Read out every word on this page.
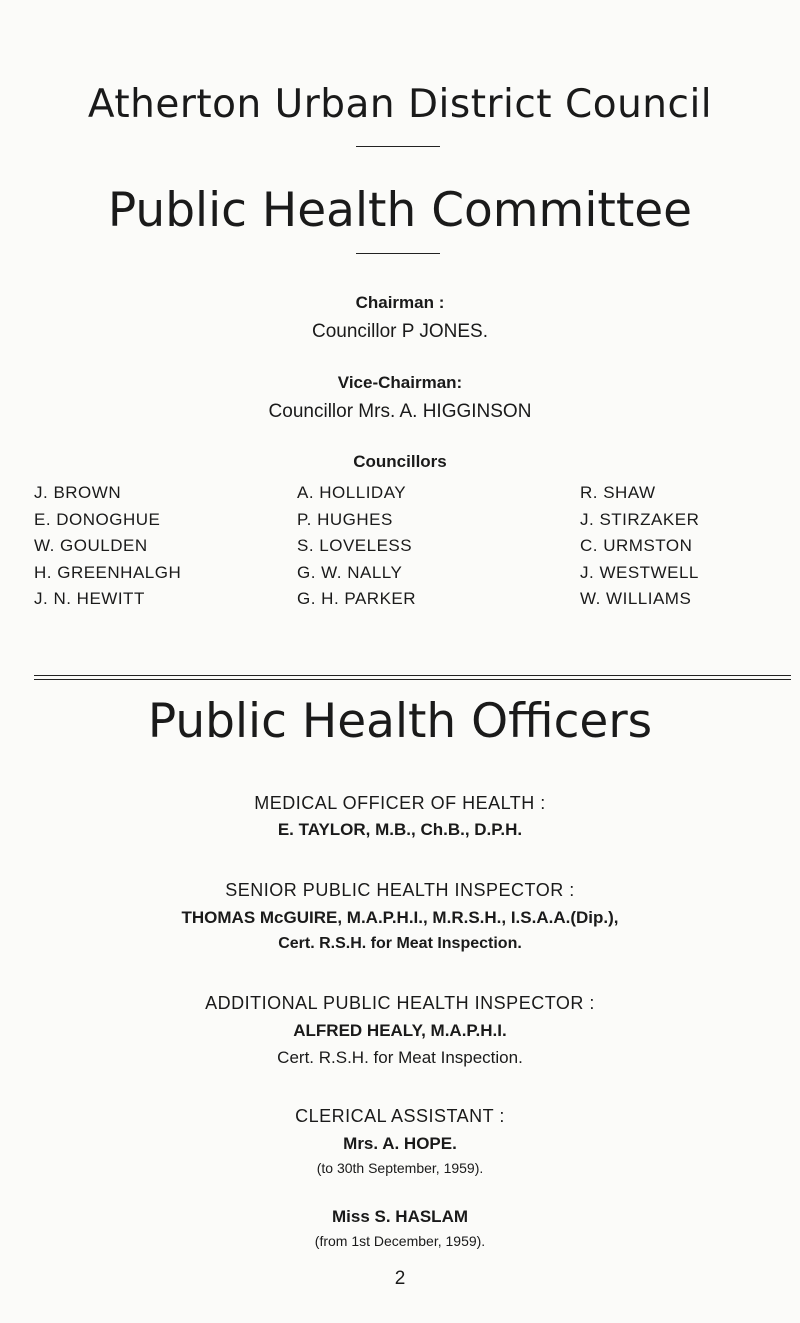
Atherton Urban District Council
Public Health Committee
Chairman :
Councillor P JONES.
Vice-Chairman:
Councillor Mrs. A. HIGGINSON
Councillors
J. BROWN
E. DONOGHUE
W. GOULDEN
H. GREENHALGH
J. N. HEWITT
A. HOLLIDAY
P. HUGHES
S. LOVELESS
G. W. NALLY
G. H. PARKER
R. SHAW
J. STIRZAKER
C. URMSTON
J. WESTWELL
W. WILLIAMS
Public Health Officers
MEDICAL OFFICER OF HEALTH :
E. TAYLOR, M.B., Ch.B., D.P.H.
SENIOR PUBLIC HEALTH INSPECTOR :
THOMAS McGUIRE, M.A.P.H.I., M.R.S.H., I.S.A.A.(Dip.),
Cert. R.S.H. for Meat Inspection.
ADDITIONAL PUBLIC HEALTH INSPECTOR :
ALFRED HEALY, M.A.P.H.I.
Cert. R.S.H. for Meat Inspection.
CLERICAL ASSISTANT :
Mrs. A. HOPE.
(to 30th September, 1959).
Miss S. HASLAM
(from 1st December, 1959).
2
